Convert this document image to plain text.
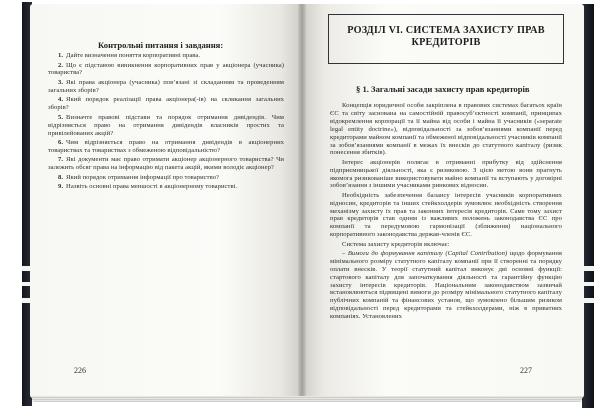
Контрольні питання і завдання:
1. Дайте визначення поняття корпоративні права.
2. Що є підставою виникнення корпоративних прав у акціонера (учасника) товариства?
3. Які права акціонера (учасника) пов’язані зі складанням та проведенням загальних зборів?
4. Який порядок реалізації права акціонера(-ів) на скликання загальних зборів?
5. Визначте правові підстави та порядок отримання дивідендів. Чим відрізняється право на отримання дивідендів власників простих та привілейованих акцій?
6. Чим відрізняється право на отримання дивідендів в акціонерних товариствах та товариствах з обмеженою відповідальністю?
7. Які документи має право отримати акціонер акціонерного товариства? Чи залежить обсяг права на інформацію від пакета акцій, якими володіє акціонер?
8. Який порядок отримання інформації про товариство?
9. Назвіть основні права меншості в акціонерному товаристві.
226
РОЗДІЛ VI. СИСТЕМА ЗАХИСТУ ПРАВ КРЕДИТОРІВ
§ 1. Загальні засади захисту прав кредиторів

Концепція юридичної особи закріплена в правових системах багатьох країн ЄС та світу заснована на самостійній правосуб’єктності компанії, принципах відокремлення корпорації та її майна від особи і майна її учасників («separate legal entity doctrine»), відповідальності за зобов’язаннями компанії перед кредиторами майном компанії та обмеженої відповідальності учасників компанії за зобов’язаннями компанії в межах їх внесків до статутного капіталу (ризик понесення збитків).

Інтерес акціонерів полягає в отриманні прибутку від здійснення підприємницької діяльності, яка є ризиковою. З цією метою вони прагнуть якомога ризикованіше використовувати майно компанії та вступають у договірні зобов’язання з іншими учасниками ринкових відносин.

Необхідність забезпечення балансу інтересів учасників корпоративних відносин, кредиторів та інших стейкхолдерів зумовлює необхідність створення механізму захисту їх прав та законних інтересів кредиторів. Саме тому захист прав кредиторів став одним із важливих положень законодавства ЄС про компанії та передумовою гармонізації (зближення) національного корпоративного законодавства держав-членів ЄС.

Система захисту кредиторів включає:

– Вимоги до формування капіталу (Capital Contribution) щодо формування мінімального розміру статутного капіталу компанії при її створенні та порядку оплати внесків. У теорії статутний капітал виконує дві основні функції: стартового капіталу для започаткування діяльності та гарантійну функцію захисту інтересів кредиторів. Національним законодавством зазвичай встановлюються підвищені вимоги до розміру мінімального статутного капіталу публічних компаній та фінансових установ, що зумовлено більшим ризиком відповідальності перед кредиторами та стейкхолдерами, ніж в приватних компаніях. Установлених

227
